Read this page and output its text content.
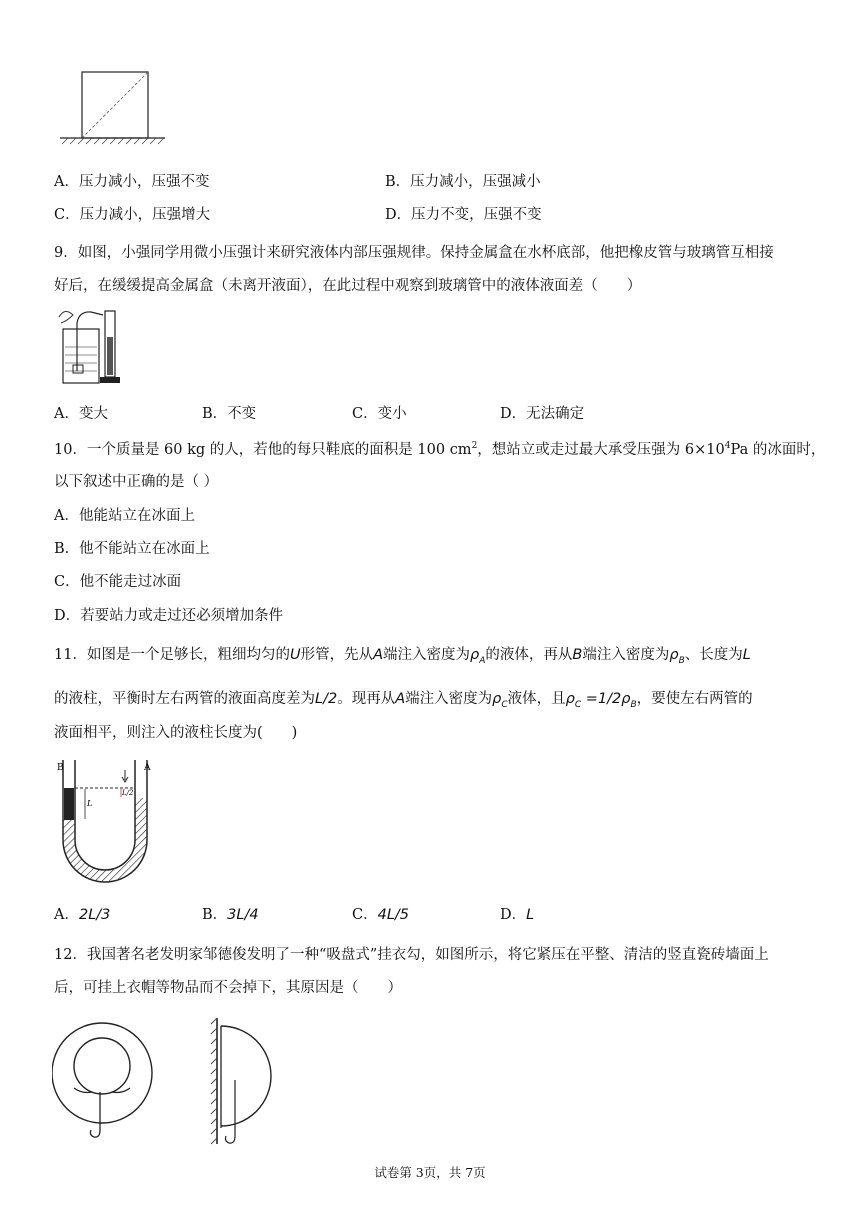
A．压力减小，压强不变	B．压力减小，压强减小
C．压力减小，压强增大	D．压力不变，压强不变
9．如图，小强同学用微小压强计来研究液体内部压强规律。保持金属盒在水杯底部，他把橡皮管与玻璃管互相接
好后，在缓缓提高金属盒（未离开液面），在此过程中观察到玻璃管中的液体液面差（　　）
A．变大	B．不变	C．变小	D．无法确定
10．一个质量是 60 kg 的人，若他的每只鞋底的面积是 100 $cm^2$，想站立或走过最大承受压强为 $6\times 10^4Pa$ 的冰面时，
以下叙述中正确的是（ ）
A．他能站立在冰面上
B．他不能站立在冰面上
C．他不能走过冰面
D．若要站力或走过还必须增加条件
11．如图是一个足够长，粗细均匀的U形管，先从A端注入密度为$\rho_A$的液体，再从B端注入密度为$\rho_B$、长度为L
的液柱，平衡时左右两管的液面高度差为L/2。现再从A端注入密度为$\rho_C$液体，且$\rho_C =1/2\rho_B$，要使左右两管的
液面相平，则注入的液柱长度为(　　)
B	A
L
L/2
A．2L/3	B．3L/4	C．4L/5	D．L
12．我国著名老发明家邹德俊发明了一种“吸盘式”挂衣勾，如图所示，将它紧压在平整、清洁的竖直瓷砖墙面上
后，可挂上衣帽等物品而不会掉下，其原因是（　　）
试卷第 3页，共 7页
